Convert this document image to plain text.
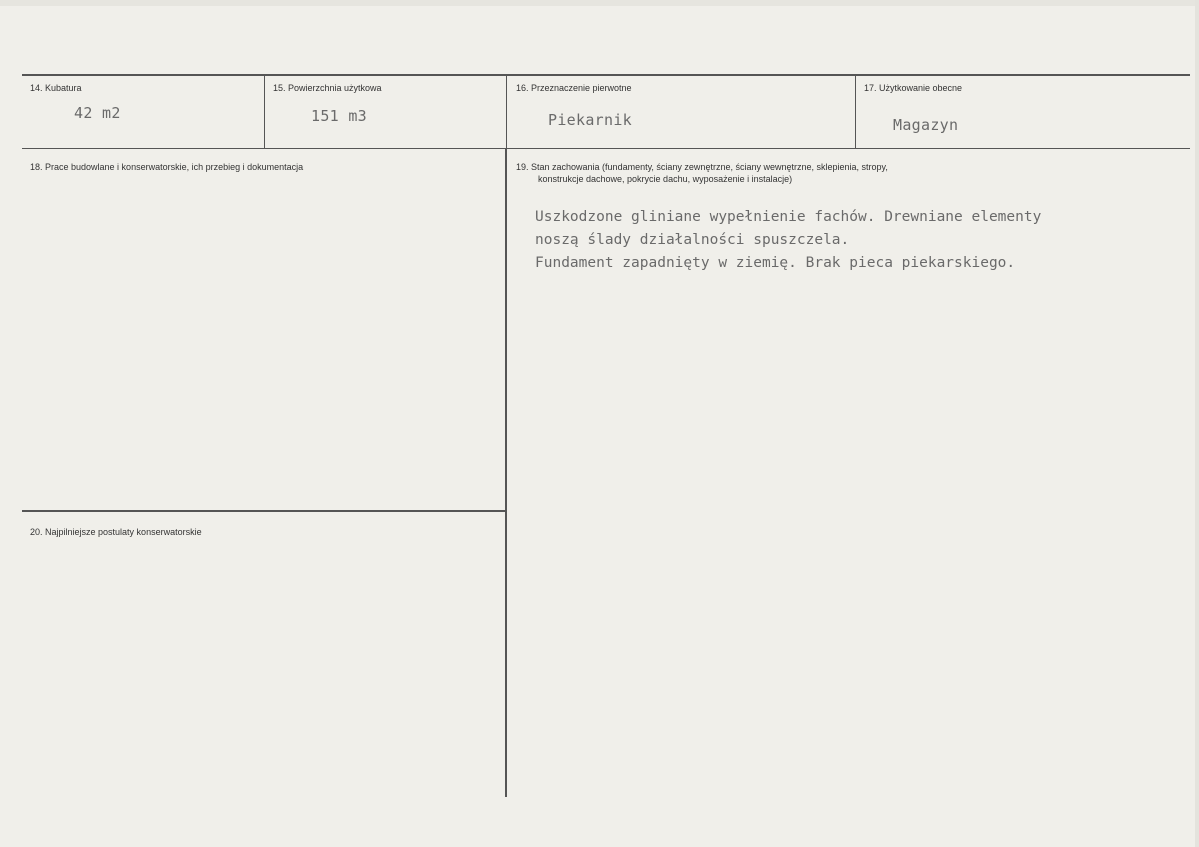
14. Kubatura
42 m2
15. Powierzchnia użytkowa
151 m3
16. Przeznaczenie pierwotne
Piekarnik
17. Użytkowanie obecne
Magazyn
18. Prace budowlane i konserwatorskie, ich przebieg i dokumentacja	19. Stan zachowania (fundamenty, ściany zewnętrzne, ściany wewnętrzne, sklepienia, stropy,
konstrukcje dachowe, pokrycie dachu, wyposażenie i instalacje)
Uszkodzone gliniane wypełnienie fachów. Drewniane elementy
noszą ślady działalności spuszczela.
Fundament zapadnięty w ziemię. Brak pieca piekarskiego.
20. Najpilniejsze postulaty konserwatorskie
